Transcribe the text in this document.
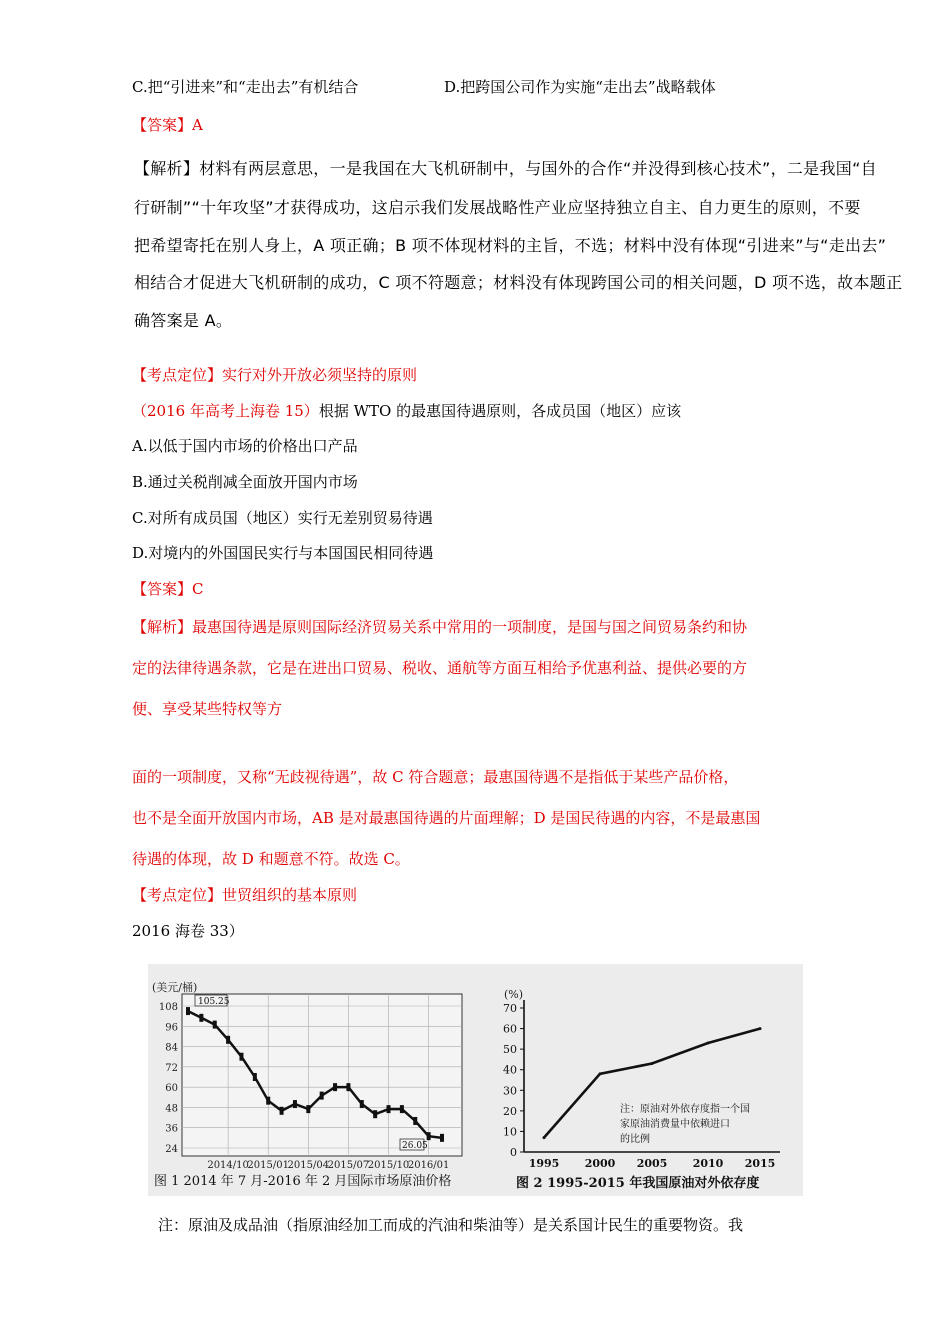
C.把“引进来”和“走出去”有机结合	D.把跨国公司作为实施“走出去”战略载体
【答案】A
【解析】材料有两层意思，一是我国在大飞机研制中，与国外的合作“并没得到核心技术”，二是我国“自
行研制”“十年攻坚”才获得成功，这启示我们发展战略性产业应坚持独立自主、自力更生的原则，不要
把希望寄托在别人身上，A 项正确；B 项不体现材料的主旨，不选；材料中没有体现“引进来”与“走出去”
相结合才促进大飞机研制的成功，C 项不符题意；材料没有体现跨国公司的相关问题，D 项不选，故本题正
确答案是 A。
【考点定位】实行对外开放必须坚持的原则
（2016 年高考上海卷 15）根据 WTO 的最惠国待遇原则，各成员国（地区）应该
A.以低于国内市场的价格出口产品
B.通过关税削减全面放开国内市场
C.对所有成员国（地区）实行无差别贸易待遇
D.对境内的外国国民实行与本国国民相同待遇
【答案】C
【解析】最惠国待遇是原则国际经济贸易关系中常用的一项制度，是国与国之间贸易条约和协
定的法律待遇条款，它是在进出口贸易、税收、通航等方面互相给予优惠利益、提供必要的方
便、享受某些特权等方
面的一项制度，又称“无歧视待遇”，故 C 符合题意；最惠国待遇不是指低于某些产品价格，
也不是全面开放国内市场，AB 是对最惠国待遇的片面理解；D 是国民待遇的内容，不是最惠国
待遇的体现，故 D 和题意不符。故选 C。
【考点定位】世贸组织的基本原则
2016 海卷 33）
(美元/桶)
108
96
84
72
60
48
36
24
2014/10
2015/01
2015/04
2015/07
2015/10
2016/01
105.25
26.05
图 1 2014 年 7 月-2016 年 2 月国际市场原油价格
(%)
70
60
50
40
30
20
10
0
1995 2000 2005 2010 2015
注：原油对外依存度指一个国
家原油消费量中依赖进口
的比例
图 2 1995-2015 年我国原油对外依存度
注：原油及成品油（指原油经加工而成的汽油和柴油等）是关系国计民生的重要物资。我
